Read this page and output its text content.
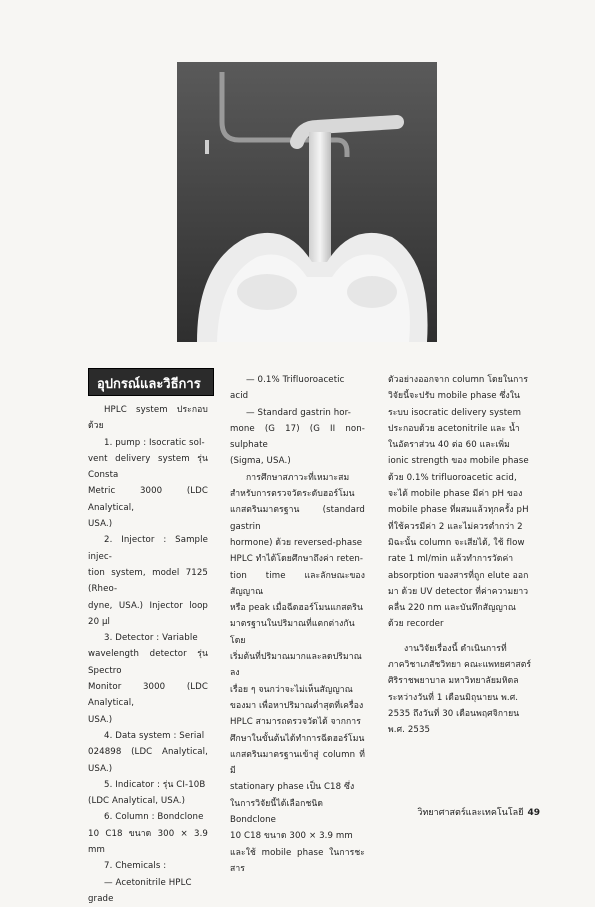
อุปกรณ์และวิธีการ

HPLC system ประกอบด้วย

1. pump : Isocratic sol-

vent delivery system รุ่น Consta

Metric 3000 (LDC Analytical,

USA.)

2. Injector : Sample injec-

tion system, model 7125 (Rheo-

dyne, USA.) Injector loop 20 μl

3. Detector : Variable

wavelength detector รุ่น Spectro

Monitor 3000 (LDC Analytical,

USA.)

4. Data system : Serial

024898 (LDC Analytical, USA.)

5. Indicator : รุ่น CI-10B

(LDC Analytical, USA.)

6. Column : Bondclone

10 C18 ขนาด 300 × 3.9 mm

7. Chemicals :

— Acetonitrile HPLC

grade

— 0.1% Trifluoroacetic

acid

— Standard gastrin hor-

mone (G 17) (G II non-sulphate

(Sigma, USA.)

การศึกษาสภาวะที่เหมาะสม

สำหรับการตรวจวัดระดับฮอร์โมน

แกสตรินมาตรฐาน (standard gastrin

hormone) ด้วย reversed-phase

HPLC ทำได้โดยศึกษาถึงค่า reten-

tion time และลักษณะของสัญญาณ

หรือ peak เมื่อฉีดฮอร์โมนแกสตริน

มาตรฐานในปริมาณที่แตกต่างกัน โดย

เริ่มต้นที่ปริมาณมากและลดปริมาณลง

เรื่อย ๆ จนกว่าจะไม่เห็นสัญญาณ

ของมา เพื่อหาปริมาณต่ำสุดที่เครื่อง

HPLC สามารถตรวจวัดได้ จากการ

ศึกษาในขั้นต้นได้ทำการฉีดฮอร์โมน

แกสตรินมาตรฐานเข้าสู่ column ที่มี

stationary phase เป็น C18 ซึ่ง

ในการวิจัยนี้ได้เลือกชนิด Bondclone

10 C18 ขนาด 300 × 3.9 mm

และใช้ mobile phase ในการชะสาร

ตัวอย่างออกจาก column โดยในการ

วิจัยนี้จะปรับ mobile phase ซึ่งใน

ระบบ isocratic delivery system

ประกอบด้วย acetonitrile และ น้ำ

ในอัตราส่วน 40 ต่อ 60 และเพิ่ม

ionic strength ของ mobile phase

ด้วย 0.1% trifluoroacetic acid,

จะได้ mobile phase มีค่า pH ของ

mobile phase ที่ผสมแล้วทุกครั้ง pH

ที่ใช้ควรมีค่า 2 และไม่ควรต่ำกว่า 2

มิฉะนั้น column จะเสียได้, ใช้ flow

rate 1 ml/min แล้วทำการวัดค่า

absorption ของสารที่ถูก elute ออก

มา ด้วย UV detector ที่ค่าความยาว

คลื่น 220 nm และบันทึกสัญญาณ

ด้วย recorder

งานวิจัยเรื่องนี้ ดำเนินการที่

ภาควิชาเภสัชวิทยา คณะแพทยศาสตร์

ศิริราชพยาบาล มหาวิทยาลัยมหิดล

ระหว่างวันที่ 1 เดือนมิถุนายน พ.ศ.

2535 ถึงวันที่ 30 เดือนพฤศจิกายน

พ.ศ. 2535

วิทยาศาสตร์และเทคโนโลยี 49
